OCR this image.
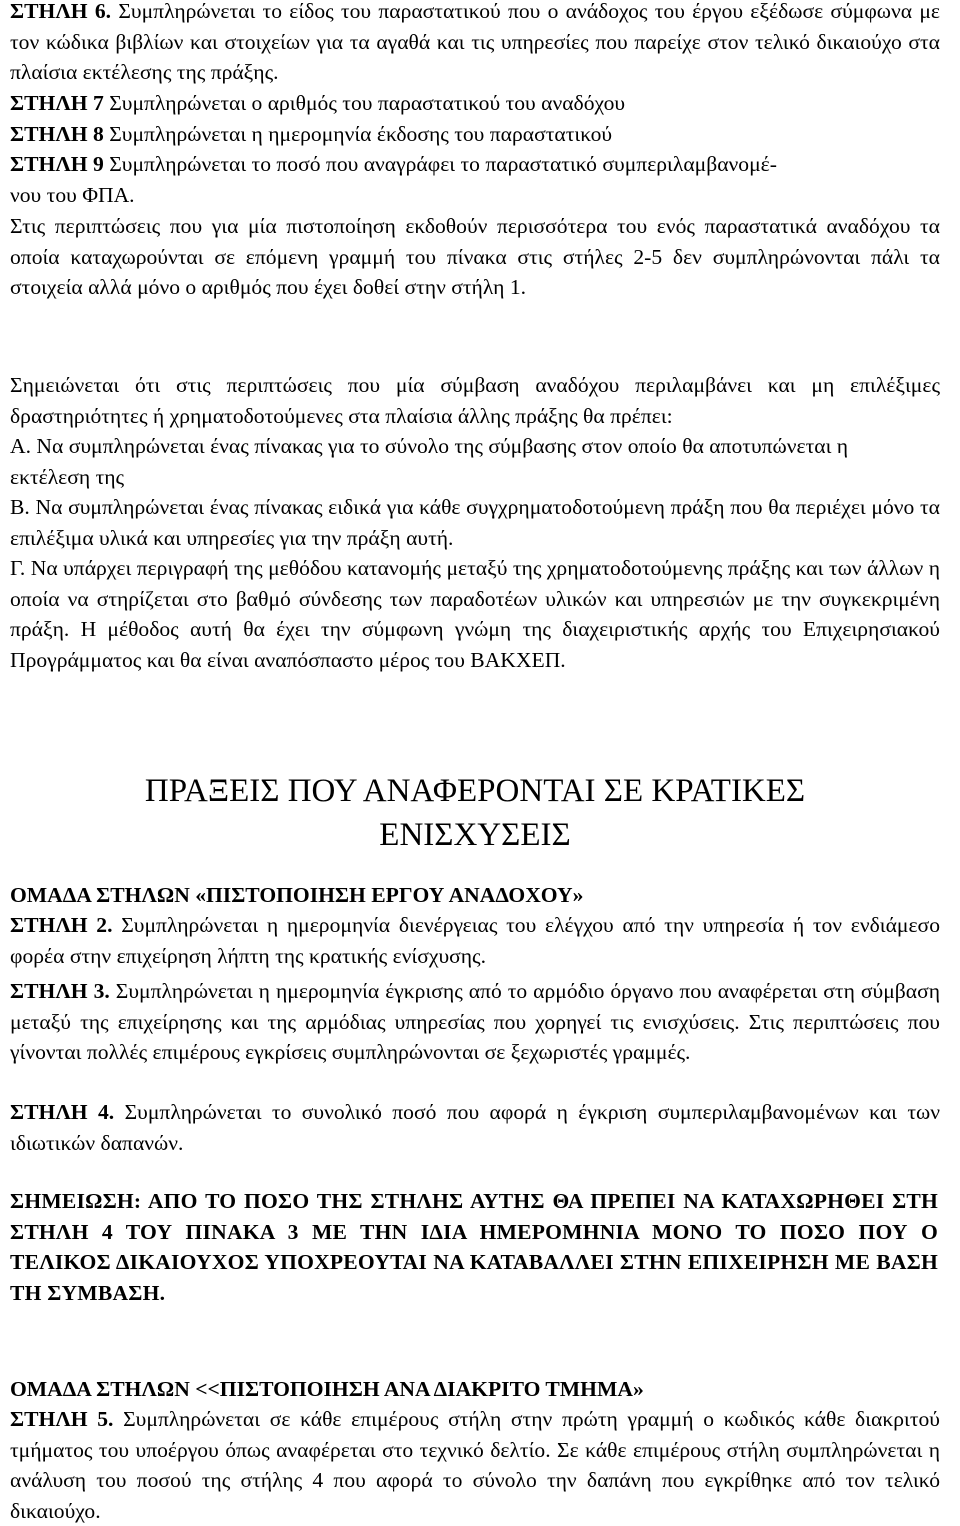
ΣΤΗΛΗ 6. Συμπληρώνεται το είδος του παραστατικού που ο ανάδοχος του έργου εξέδωσε σύμφωνα με τον κώδικα βιβλίων και στοιχείων για τα αγαθά και τις υπηρεσίες που παρείχε στον τελικό δικαιούχο στα πλαίσια εκτέλεσης της πράξης.

ΣΤΗΛΗ 7 Συμπληρώνεται ο αριθμός του παραστατικού του αναδόχου

ΣΤΗΛΗ 8 Συμπληρώνεται η ημερομηνία έκδοσης του παραστατικού

ΣΤΗΛΗ 9 Συμπληρώνεται το ποσό που αναγράφει το παραστατικό συμπεριλαμβανομέ-

νου του ΦΠΑ.

Στις περιπτώσεις που για μία πιστοποίηση εκδοθούν περισσότερα του ενός παραστατικά αναδόχου τα οποία καταχωρούνται σε επόμενη γραμμή του πίνακα στις στήλες 2-5 δεν συμπληρώνονται πάλι τα στοιχεία αλλά μόνο ο αριθμός που έχει δοθεί στην στήλη 1.

Σημειώνεται ότι στις περιπτώσεις που μία σύμβαση αναδόχου περιλαμβάνει και μη επιλέξιμες δραστηριότητες ή χρηματοδοτούμενες στα πλαίσια άλλης πράξης θα πρέπει:

Α. Να συμπληρώνεται ένας πίνακας για το σύνολο της σύμβασης στον οποίο θα αποτυπώνεται η εκτέλεση της

Β. Να συμπληρώνεται ένας πίνακας ειδικά για κάθε συγχρηματοδοτούμενη πράξη που θα περιέχει μόνο τα επιλέξιμα υλικά και υπηρεσίες για την πράξη αυτή.

Γ. Να υπάρχει περιγραφή της μεθόδου κατανομής μεταξύ της χρηματοδοτούμενης πράξης και των άλλων η οποία να στηρίζεται στο βαθμό σύνδεσης των παραδοτέων υλικών και υπηρεσιών με την συγκεκριμένη πράξη. Η μέθοδος αυτή θα έχει την σύμφωνη γνώμη της διαχειριστικής αρχής του Επιχειρησιακού Προγράμματος και θα είναι αναπόσπαστο μέρος του ΒΑΚΧΕΠ.

ΠΡΑΞΕΙΣ ΠΟΥ ΑΝΑΦΕΡΟΝΤΑΙ ΣΕ ΚΡΑΤΙΚΕΣ
ΕΝΙΣΧΥΣΕΙΣ

ΟΜΑΔΑ ΣΤΗΛΩΝ «ΠΙΣΤΟΠΟΙΗΣΗ ΕΡΓΟΥ ΑΝΑΔΟΧΟΥ»

ΣΤΗΛΗ 2. Συμπληρώνεται η ημερομηνία διενέργειας του ελέγχου από την υπηρεσία ή τον ενδιάμεσο φορέα στην επιχείρηση λήπτη της κρατικής ενίσχυσης.

ΣΤΗΛΗ 3. Συμπληρώνεται η ημερομηνία έγκρισης από το αρμόδιο όργανο που αναφέρεται στη σύμβαση μεταξύ της επιχείρησης και της αρμόδιας υπηρεσίας που χορηγεί τις ενισχύσεις. Στις περιπτώσεις που γίνονται πολλές επιμέρους εγκρίσεις συμπληρώνονται σε ξεχωριστές γραμμές.

ΣΤΗΛΗ 4. Συμπληρώνεται το συνολικό ποσό που αφορά η έγκριση συμπεριλαμβανομένων και των ιδιωτικών δαπανών.

ΣΗΜΕΙΩΣΗ: ΑΠΟ ΤΟ ΠΟΣΟ ΤΗΣ ΣΤΗΛΗΣ ΑΥΤΗΣ ΘΑ ΠΡΕΠΕΙ ΝΑ ΚΑΤΑΧΩΡΗΘΕΙ ΣΤΗ ΣΤΗΛΗ 4 ΤΟΥ ΠΙΝΑΚΑ 3 ΜΕ ΤΗΝ ΙΔΙΑ ΗΜΕΡΟΜΗΝΙΑ ΜΟΝΟ ΤΟ ΠΟΣΟ ΠΟΥ Ο ΤΕΛΙΚΟΣ ΔΙΚΑΙΟΥΧΟΣ ΥΠΟΧΡΕΟΥΤΑΙ ΝΑ ΚΑΤΑΒΑΛΛΕΙ ΣΤΗΝ ΕΠΙΧΕΙΡΗΣΗ ΜΕ ΒΑΣΗ ΤΗ ΣΥΜΒΑΣΗ.

ΟΜΑΔΑ ΣΤΗΛΩΝ <<ΠΙΣΤΟΠΟΙΗΣΗ ΑΝΑ ΔΙΑΚΡΙΤΟ ΤΜΗΜΑ»

ΣΤΗΛΗ 5. Συμπληρώνεται σε κάθε επιμέρους στήλη στην πρώτη γραμμή ο κωδικός κάθε διακριτού τμήματος του υποέργου όπως αναφέρεται στο τεχνικό δελτίο. Σε κάθε επιμέρους στήλη συμπληρώνεται η ανάλυση του ποσού της στήλης 4 που αφορά το σύνολο την δαπάνη που εγκρίθηκε από τον τελικό δικαιούχο.
